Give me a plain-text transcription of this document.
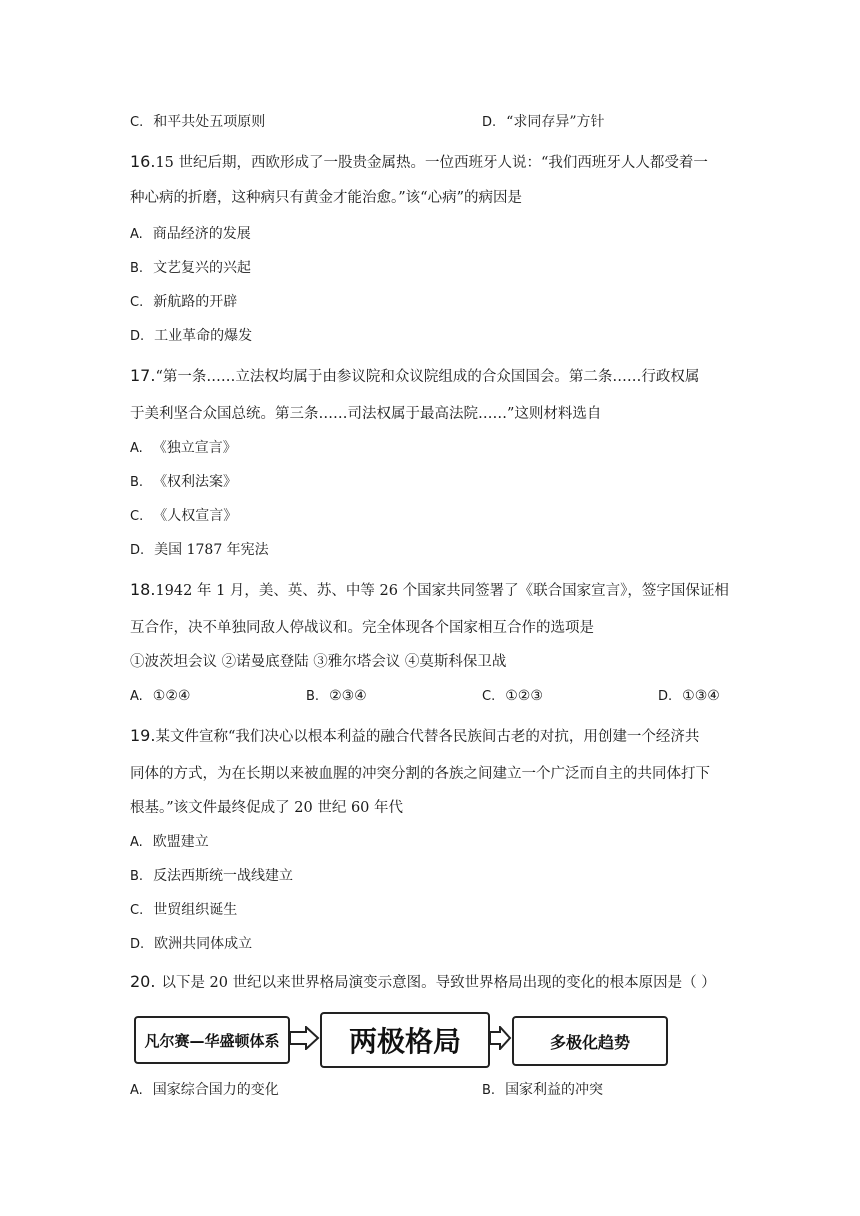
C. 和平共处五项原则	D. “求同存异”方针
16.15 世纪后期，西欧形成了一股贵金属热。一位西班牙人说：“我们西班牙人人都受着一
种心病的折磨，这种病只有黄金才能治愈。”该“心病”的病因是
A. 商品经济的发展
B. 文艺复兴的兴起
C. 新航路的开辟
D. 工业革命的爆发
17.“第一条……立法权均属于由参议院和众议院组成的合众国国会。第二条……行政权属
于美利坚合众国总统。第三条……司法权属于最高法院……”这则材料选自
A. 《独立宣言》
B. 《权利法案》
C. 《人权宣言》
D. 美国 1787 年宪法
18.1942 年 1 月，美、英、苏、中等 26 个国家共同签署了《联合国家宣言》，签字国保证相
互合作，决不单独同敌人停战议和。完全体现各个国家相互合作的选项是
①波茨坦会议 ②诺曼底登陆 ③雅尔塔会议 ④莫斯科保卫战
A. ①②④	B. ②③④	C. ①②③	D. ①③④
19.某文件宣称“我们决心以根本利益的融合代替各民族间古老的对抗，用创建一个经济共
同体的方式，为在长期以来被血腥的冲突分割的各族之间建立一个广泛而自主的共同体打下
根基。”该文件最终促成了 20 世纪 60 年代
A. 欧盟建立
B. 反法西斯统一战线建立
C. 世贸组织诞生
D. 欧洲共同体成立
20. 以下是 20 世纪以来世界格局演变示意图。导致世界格局出现的变化的根本原因是（ ）
凡尔赛—华盛顿体系	两极格局	多极化趋势
A. 国家综合国力的变化	B. 国家利益的冲突
